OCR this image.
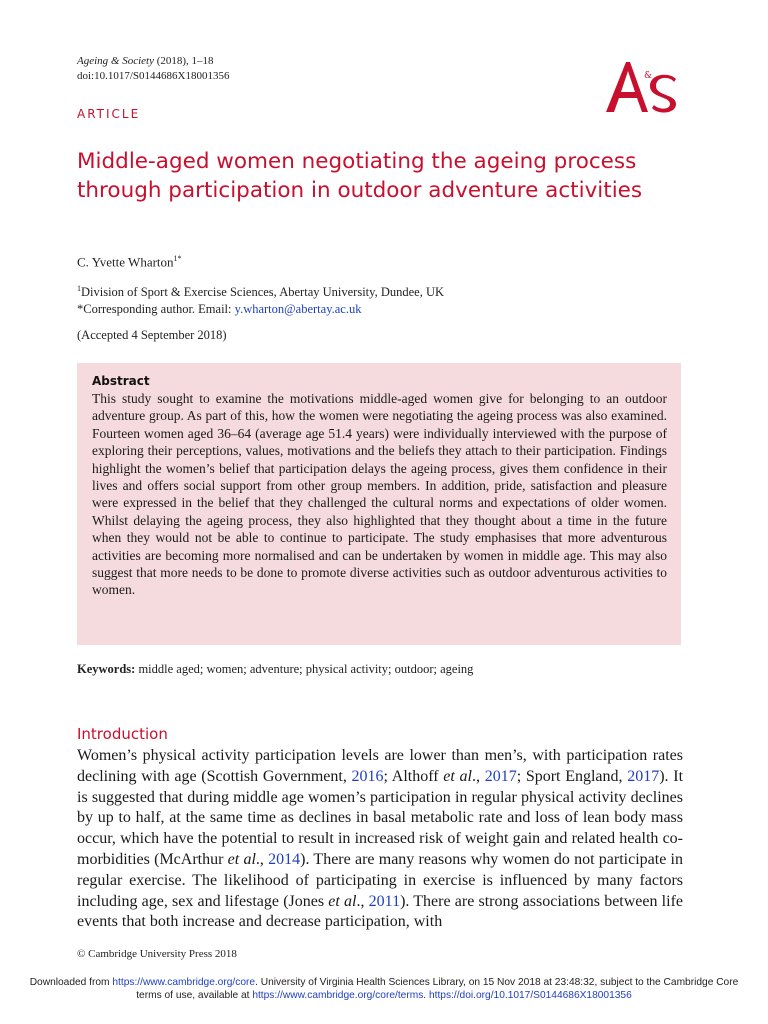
Ageing & Society (2018), 1–18
doi:10.1017/S0144686X18001356	&
ARTICLE
Middle-aged women negotiating the ageing process through participation in outdoor adventure activities
C. Yvette Wharton$^{1*}$
$^1$Division of Sport & Exercise Sciences, Abertay University, Dundee, UK
*Corresponding author. Email: y.wharton@abertay.ac.uk
(Accepted 4 September 2018)
Abstract
This study sought to examine the motivations middle-aged women give for belonging to an outdoor adventure group. As part of this, how the women were negotiating the ageing process was also examined. Fourteen women aged 36–64 (average age 51.4 years) were individually interviewed with the purpose of exploring their perceptions, values, motivations and the beliefs they attach to their participation. Findings highlight the women’s belief that participation delays the ageing process, gives them confidence in their lives and offers social support from other group members. In addition, pride, satisfaction and pleasure were expressed in the belief that they challenged the cultural norms and expectations of older women. Whilst delaying the ageing process, they also highlighted that they thought about a time in the future when they would not be able to continue to participate. The study emphasises that more adventurous activities are becoming more normalised and can be undertaken by women in middle age. This may also suggest that more needs to be done to promote diverse activities such as outdoor adventurous activities to women.
Keywords: middle aged; women; adventure; physical activity; outdoor; ageing
Introduction
Women’s physical activity participation levels are lower than men’s, with participation rates declining with age (Scottish Government, 2016; Althoff et al., 2017; Sport England, 2017). It is suggested that during middle age women’s participation in regular physical activity declines by up to half, at the same time as declines in basal metabolic rate and loss of lean body mass occur, which have the potential to result in increased risk of weight gain and related health co-morbidities (McArthur et al., 2014). There are many reasons why women do not participate in regular exercise. The likelihood of participating in exercise is influenced by many factors including age, sex and lifestage (Jones et al., 2011). There are strong associations between life events that both increase and decrease participation, with
© Cambridge University Press 2018
Downloaded from https://www.cambridge.org/core. University of Virginia Health Sciences Library, on 15 Nov 2018 at 23:48:32, subject to the Cambridge Core terms of use, available at https://www.cambridge.org/core/terms. https://doi.org/10.1017/S0144686X18001356
